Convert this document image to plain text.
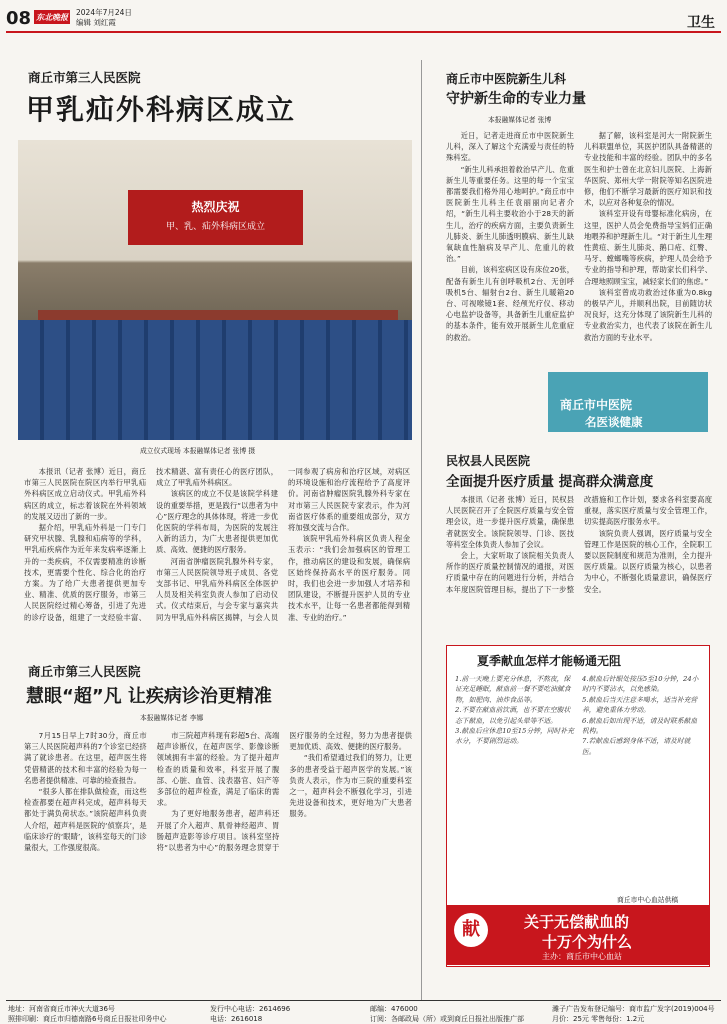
08 东北晚报 2024年7月24日
编辑 刘红霞	卫生
商丘市第三人民医院
甲乳疝外科病区成立
热烈庆祝
甲、乳、疝外科病区成立
成立仪式现场 本报融媒体记者 张博 摄

本报讯（记者 张博）近日，商丘市第三人民医院在院区内举行甲乳疝外科病区成立启动仪式。甲乳疝外科病区的成立，标志着该院在外科领域的发展又迈出了新的一步。

据介绍，甲乳疝外科是一门专门研究甲状腺、乳腺和疝病等的学科，甲乳疝疾病作为近年来发病率逐渐上升的一类疾病，不仅需要精准的诊断技术，更需要个性化、综合化的治疗方案。为了给广大患者提供更加专业、精准、优质的医疗服务，市第三人民医院经过精心筹备，引进了先进的诊疗设备，组建了一支经验丰富、技术精湛、富有责任心的医疗团队，成立了甲乳疝外科病区。

该病区的成立不仅是该院学科建设的重要举措，更是践行“以患者为中心”医疗理念的具体体现，将进一步优化医院的学科布局，为医院的发展注入新的活力，为广大患者提供更加优质、高效、便捷的医疗服务。

河南省肿瘤医院乳腺外科专家，市第三人民医院领导班子成员、各党支部书记、甲乳疝外科病区全体医护人员及相关科室负责人参加了启动仪式。仪式结束后，与会专家与嘉宾共同为甲乳疝外科病区揭牌，与会人员一同参观了病房和治疗区域，对病区的环境设施和治疗流程给予了高度评价。河南省肿瘤医院乳腺外科专家在对市第三人民医院专家表示，作为河南省医疗体系的重要组成部分，双方将加强交流与合作。

该院甲乳疝外科病区负责人程金玉表示：“我们会加强病区的管理工作，推动病区的建设和发展，确保病区始终保持高水平的医疗服务。同时，我们也会进一步加强人才培养和团队建设，不断提升医护人员的专业技术水平，让每一名患者都能得到精准、专业的治疗。”

商丘市中医院新生儿科
守护新生命的专业力量
本报融媒体记者 张博

近日，记者走进商丘市中医院新生儿科，深入了解这个充满爱与责任的特殊科室。

“新生儿科承担着救治早产儿、危重新生儿等重要任务。这里的每一个宝宝都需要我们格外用心地呵护。”商丘市中医院新生儿科主任袁丽丽向记者介绍，“新生儿科主要收治小于28天的新生儿，治疗的疾病方面，主要负责新生儿肺炎、新生儿肺透明膜病、新生儿缺氧缺血性脑病及早产儿、危重儿的救治。”

目前，该科室病区设有床位20张，配备有新生儿有创呼吸机2台、无创呼吸机5台、辐射台2台、新生儿暖箱20台、可视喉镜1套、经颅光疗仪、移动心电监护设备等，具备新生儿重症监护的基本条件，能有效开展新生儿危重症的救治。

据了解，该科室是河大一附院新生儿科联盟单位，其医护团队具备精湛的专业技能和丰富的经验。团队中的多名医生和护士曾在北京妇儿医院、上海新华医院、郑州大学一附院等知名医院进修，他们不断学习最新的医疗知识和技术，以应对各种复杂的情况。

该科室开设有母婴标准化病房，在这里，医护人员会免费指导宝妈们正确地喂养和护理新生儿。“对于新生儿生理性黄疸、新生儿肺炎、鹅口疮、红臀、马牙、螳螂嘴等疾病，护理人员会给予专业的指导和护理，帮助家长们科学、合理地照顾宝宝，减轻家长们的焦虑。”

该科室曾成功救治过体重为0.8kg的极早产儿，并顺利出院，目前随访状况良好，这充分体现了该院新生儿科的专业救治实力，也代表了该院在新生儿救治方面的专业水平。

商丘市中医院
名医谈健康
民权县人民医院
全面提升医疗质量 提高群众满意度

本报讯（记者 张博）近日，民权县人民医院召开了全院医疗质量与安全管理会议，进一步提升医疗质量，确保患者就医安全。该院院领导、门诊、医技等科室全体负责人参加了会议。

会上，大家听取了该院相关负责人所作的医疗质量控制情况的通报，对医疗质量中存在的问题进行分析，并结合本年度医院管理目标，提出了下一步整改措施和工作计划，要求各科室要高度重视，落实医疗质量与安全管理工作，切实提高医疗服务水平。

该院负责人强调，医疗质量与安全管理工作是医院的核心工作，全院职工要以医院制度和规范为准则，全力提升医疗质量。以医疗质量为核心，以患者为中心，不断强化质量意识，确保医疗安全。

商丘市第三人民医院
慧眼“超”凡 让疾病诊治更精准
本报融媒体记者 李娜

7月15日早上7时30分，商丘市第三人民医院超声科的7个诊室已经挤满了就诊患者。在这里，超声医生将凭借精湛的技术和丰富的经验为每一名患者提供精准、可靠的检查报告。

“很多人都在排队做检查，而这些检查都要在超声科完成，超声科每天都处于满负荷状态。”该院超声科负责人介绍，超声科是医院的‘侦察兵’，是临床诊疗的‘眼睛’，该科室每天的门诊量很大，工作强度很高。

市三院超声科现有彩超5台、高端超声诊断仪，在超声医学、影像诊断领域拥有丰富的经验。为了提升超声检查的质量和效率，科室开展了腹部、心脏、血管、浅表器官、妇产等多部位的超声检查，满足了临床的需求。

为了更好地服务患者，超声科还开展了介入超声、肌骨神经超声、胃肠超声造影等诊疗项目。该科室坚持将“以患者为中心”的服务理念贯穿于医疗服务的全过程，努力为患者提供更加优质、高效、便捷的医疗服务。

“我们希望通过我们的努力，让更多的患者受益于超声医学的发展。”该负责人表示，作为市三院的重要科室之一，超声科会不断强化学习，引进先进设备和技术，更好地为广大患者服务。

夏季献血怎样才能畅通无阻
1.前一天晚上要充分休息，不熬夜，保证充足睡眠，献血前一餐不要吃油腻食物，如肥肉、油炸食品等。
2.不要在献血前饮酒，也不要在空腹状态下献血，以免引起头晕等不适。
3.献血后应休息10至15分钟，同时补充水分，不要剧烈运动。
4.献血后针眼处按压5至10分钟，24小时内不要沾水，以免感染。
5.献血后当天注意多喝水，适当补充营养，避免重体力劳动。
6.献血后如出现不适，请及时联系献血机构。
7.若献血后感到身体不适，请及时就医。
商丘市中心血站供稿
献	关于无偿献血的
十万个为什么
主办：商丘市中心血站
地址：河南省商丘市神火大道36号
照排印刷：商丘市归德南路6号商丘日报社印务中心
发行中心电话：2614696
电话：2616018
邮编：476000
订阅：各邮政局（所）或到商丘日报社出版推广部
濉子广告发布登记编号：商市监广发字(2019)004号
月价：25元 零售每份：1.2元
